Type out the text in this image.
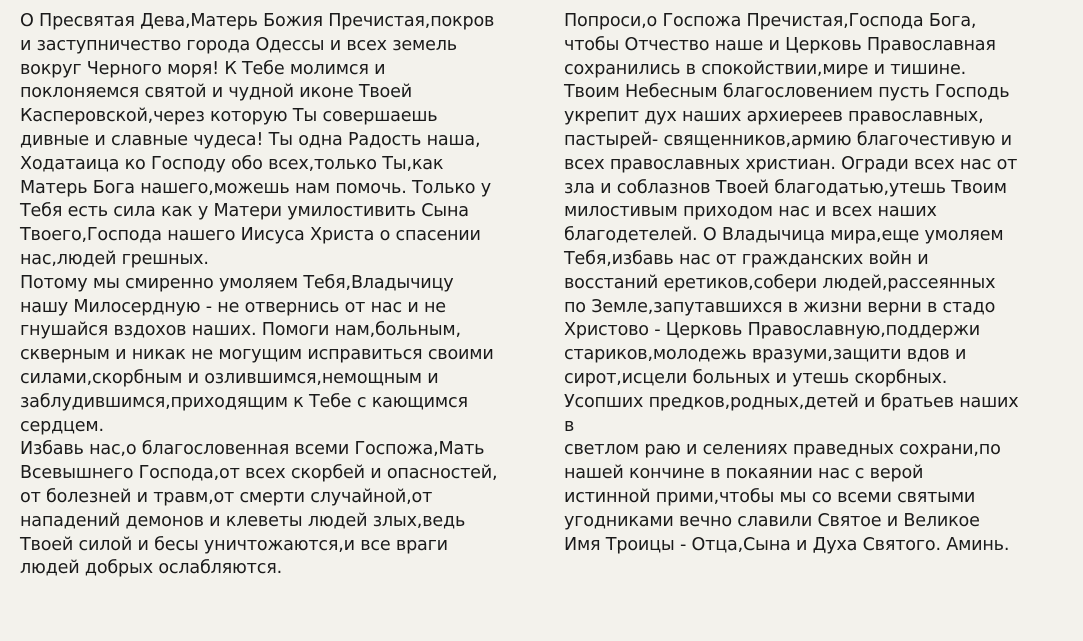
О Пресвятая Дева,Матерь Божия Пречистая,покров
и заступничество города Одессы и всех земель
вокруг Черного моря! К Тебе молимся и
поклоняемся святой и чудной иконе Твоей
Касперовской,через которую Ты совершаешь
дивные и славные чудеса! Ты одна Радость наша,
Ходатаица ко Господу обо всех,только Ты,как
Матерь Бога нашего,можешь нам помочь. Только у
Тебя есть сила как у Матери умилостивить Сына
Твоего,Господа нашего Иисуса Христа о спасении
нас,людей грешных.
Потому мы смиренно умоляем Тебя,Владычицу
нашу Милосердную - не отвернись от нас и не
гнушайся вздохов наших. Помоги нам,больным,
скверным и никак не могущим исправиться своими
силами,скорбным и озлившимся,немощным и
заблудившимся,приходящим к Тебе с кающимся
сердцем.
Избавь нас,о благословенная всеми Госпожа,Мать
Всевышнего Господа,от всех скорбей и опасностей,
от болезней и травм,от смерти случайной,от
нападений демонов и клеветы людей злых,ведь
Твоей силой и бесы уничтожаются,и все враги
людей добрых ослабляются.
Попроси,о Госпожа Пречистая,Господа Бога,
чтобы Отчество наше и Церковь Православная
сохранились в спокойствии,мире и тишине.
Твоим Небесным благословением пусть Господь
укрепит дух наших архиереев православных,
пастырей- священников,армию благочестивую и
всех православных христиан. Огради всех нас от
зла и соблазнов Твоей благодатью,утешь Твоим
милостивым приходом нас и всех наших
благодетелей. О Владычица мира,еще умоляем
Тебя,избавь нас от гражданских войн и
восстаний еретиков,собери людей,рассеянных
по Земле,запутавшихся в жизни верни в стадо
Христово - Церковь Православную,поддержи
стариков,молодежь вразуми,защити вдов и
сирот,исцели больных и утешь скорбных.
Усопших предков,родных,детей и братьев наших
в
светлом раю и селениях праведных сохрани,по
нашей кончине в покаянии нас с верой
истинной прими,чтобы мы со всеми святыми
угодниками вечно славили Святое и Великое
Имя Троицы - Отца,Сына и Духа Святого. Аминь.
